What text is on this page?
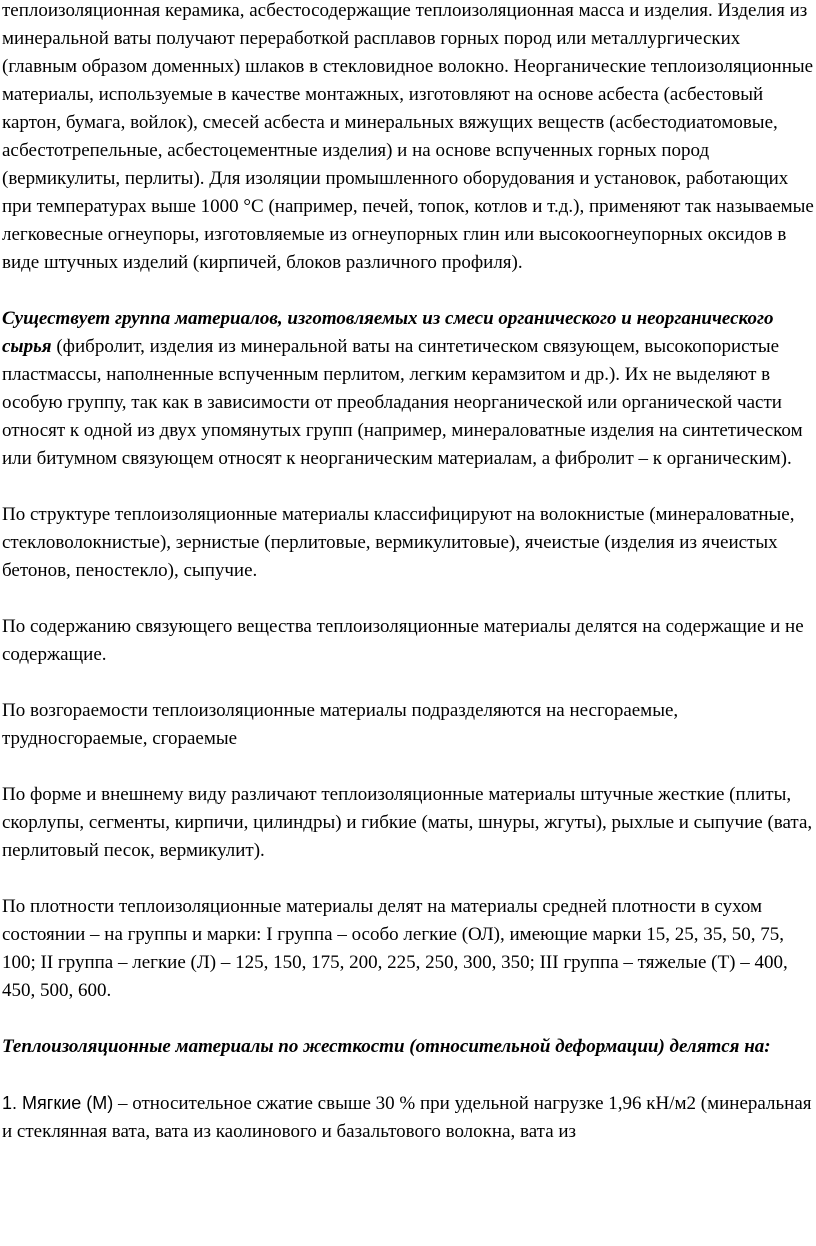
теплоизоляционная керамика, асбестосодержащие теплоизоляционная масса и изделия. Изделия из минеральной ваты получают переработкой расплавов горных пород или металлургических (главным образом доменных) шлаков в стекловидное волокно. Неорганические теплоизоляционные материалы, используемые в качестве монтажных, изготовляют на основе асбеста (асбестовый картон, бумага, войлок), смесей асбеста и минеральных вяжущих веществ (асбестодиатомовые, асбестотрепельные, асбестоцементные изделия) и на основе вспученных горных пород (вермикулиты, перлиты). Для изоляции промышленного оборудования и установок, работающих при температурах выше 1000 °С (например, печей, топок, котлов и т.д.), применяют так называемые легковесные огнеупоры, изготовляемые из огнеупорных глин или высокоогнеупорных оксидов в виде штучных изделий (кирпичей, блоков различного профиля).

Существует группа материалов, изготовляемых из смеси органического и неорганического сырья (фибролит, изделия из минеральной ваты на синтетическом связующем, высокопористые пластмассы, наполненные вспученным перлитом, легким керамзитом и др.). Их не выделяют в особую группу, так как в зависимости от преобладания неорганической или органической части относят к одной из двух упомянутых групп (например, минераловатные изделия на синтетическом или битумном связующем относят к неорганическим материалам, а фибролит – к органическим).

По структуре теплоизоляционные материалы классифицируют на волокнистые (минераловатные, стекловолокнистые), зернистые (перлитовые, вермикулитовые), ячеистые (изделия из ячеистых бетонов, пеностекло), сыпучие.

По содержанию связующего вещества теплоизоляционные материалы делятся на содержащие и не содержащие.

По возгораемости теплоизоляционные материалы подразделяются на несгораемые, трудносгораемые, сгораемые

По форме и внешнему виду различают теплоизоляционные материалы штучные жесткие (плиты, скорлупы, сегменты, кирпичи, цилиндры) и гибкие (маты, шнуры, жгуты), рыхлые и сыпучие (вата, перлитовый песок, вермикулит).

По плотности теплоизоляционные материалы делят на материалы средней плотности в сухом состоянии – на группы и марки: I группа – особо легкие (ОЛ), имеющие марки 15, 25, 35, 50, 75, 100; II группа – легкие (Л) – 125, 150, 175, 200, 225, 250, 300, 350; III группа – тяжелые (Т) – 400, 450, 500, 600.

Теплоизоляционные материалы по жесткости (относительной деформации) делятся на:

1. Мягкие (М) – относительное сжатие свыше 30 % при удельной нагрузке 1,96 кН/м2 (минеральная и стеклянная вата, вата из каолинового и базальтового волокна, вата из
